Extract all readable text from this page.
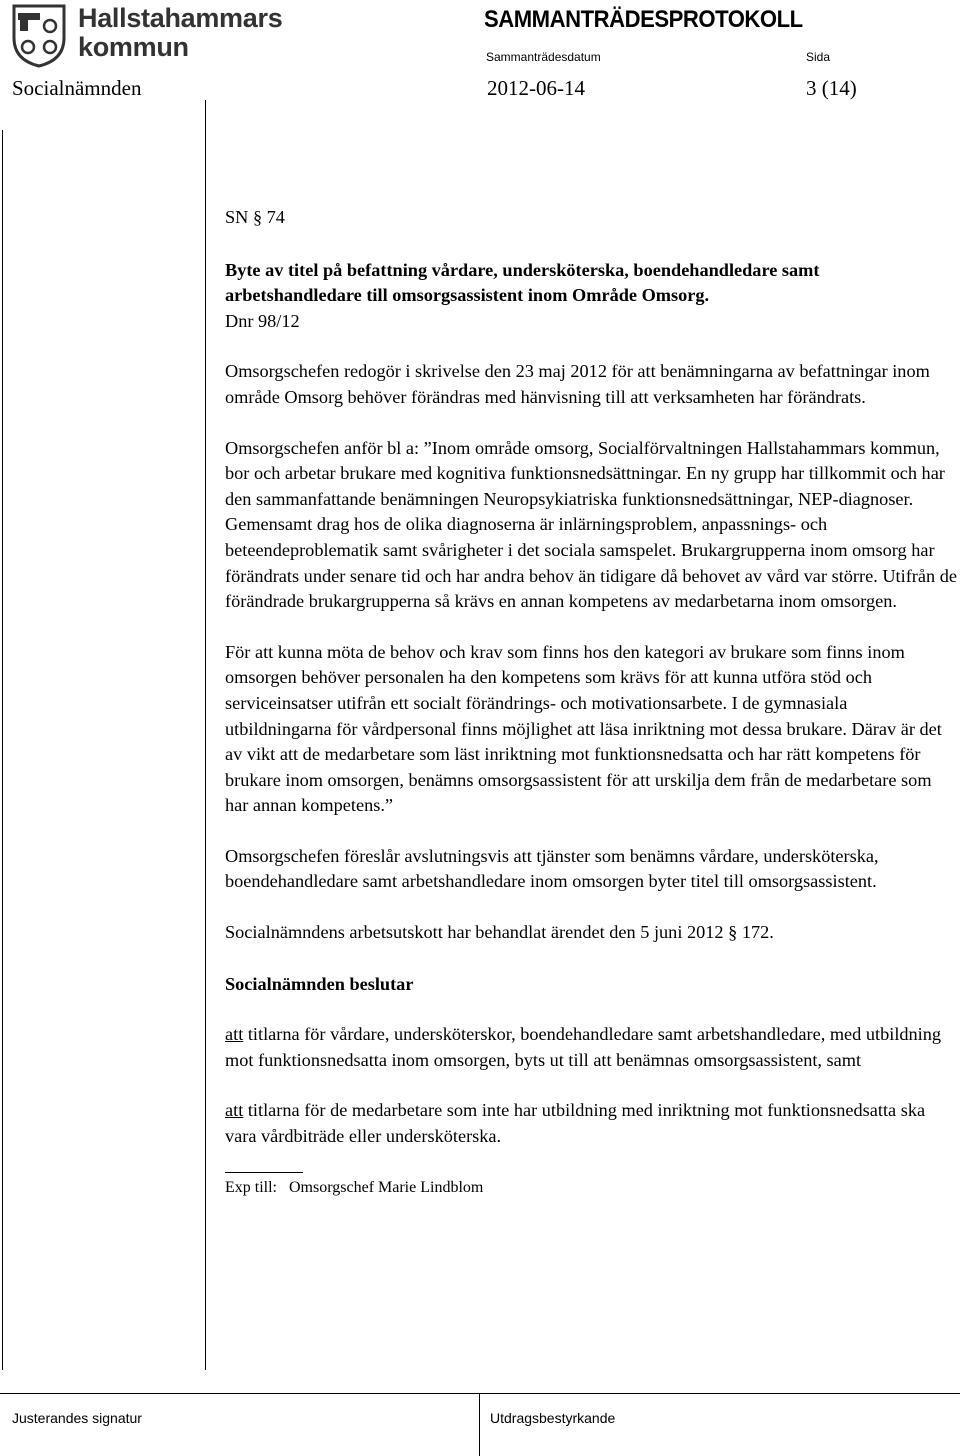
Hallstahammars
kommun
SAMMANTRÄDESPROTOKOLL
Sammanträdesdatum	Sida
Socialnämnden	2012-06-14	3 (14)

SN § 74

Byte av titel på befattning vårdare, undersköterska, boendehandledare samt arbetshandledare till omsorgsassistent inom Område Omsorg.

Dnr 98/12

Omsorgschefen redogör i skrivelse den 23 maj 2012 för att benämningarna av befattningar inom område Omsorg behöver förändras med hänvisning till att verksamheten har förändrats.

Omsorgschefen anför bl a: ”Inom område omsorg, Socialförvaltningen Hallstahammars kommun, bor och arbetar brukare med kognitiva funktionsnedsättningar. En ny grupp har tillkommit och har den sammanfattande benämningen Neuropsykiatriska funktionsnedsättningar, NEP-diagnoser. Gemensamt drag hos de olika diagnoserna är inlärningsproblem, anpassnings- och beteendeproblematik samt svårigheter i det sociala samspelet. Brukargrupperna inom omsorg har förändrats under senare tid och har andra behov än tidigare då behovet av vård var större. Utifrån de förändrade brukargrupperna så krävs en annan kompetens av medarbetarna inom omsorgen.

För att kunna möta de behov och krav som finns hos den kategori av brukare som finns inom omsorgen behöver personalen ha den kompetens som krävs för att kunna utföra stöd och serviceinsatser utifrån ett socialt förändrings- och motivationsarbete. I de gymnasiala utbildningarna för vårdpersonal finns möjlighet att läsa inriktning mot dessa brukare. Därav är det av vikt att de medarbetare som läst inriktning mot funktionsnedsatta och har rätt kompetens för brukare inom omsorgen, benämns omsorgsassistent för att urskilja dem från de medarbetare som har annan kompetens.”

Omsorgschefen föreslår avslutningsvis att tjänster som benämns vårdare, undersköterska, boendehandledare samt arbetshandledare inom omsorgen byter titel till omsorgsassistent.

Socialnämndens arbetsutskott har behandlat ärendet den 5 juni 2012 § 172.

Socialnämnden beslutar

att titlarna för vårdare, undersköterskor, boendehandledare samt arbetshandledare, med utbildning mot funktionsnedsatta inom omsorgen, byts ut till att benämnas omsorgsassistent, samt

att titlarna för de medarbetare som inte har utbildning med inriktning mot funktionsnedsatta ska vara vårdbiträde eller undersköterska.

Exp till:   Omsorgschef Marie Lindblom

Justerandes signatur	Utdragsbestyrkande
